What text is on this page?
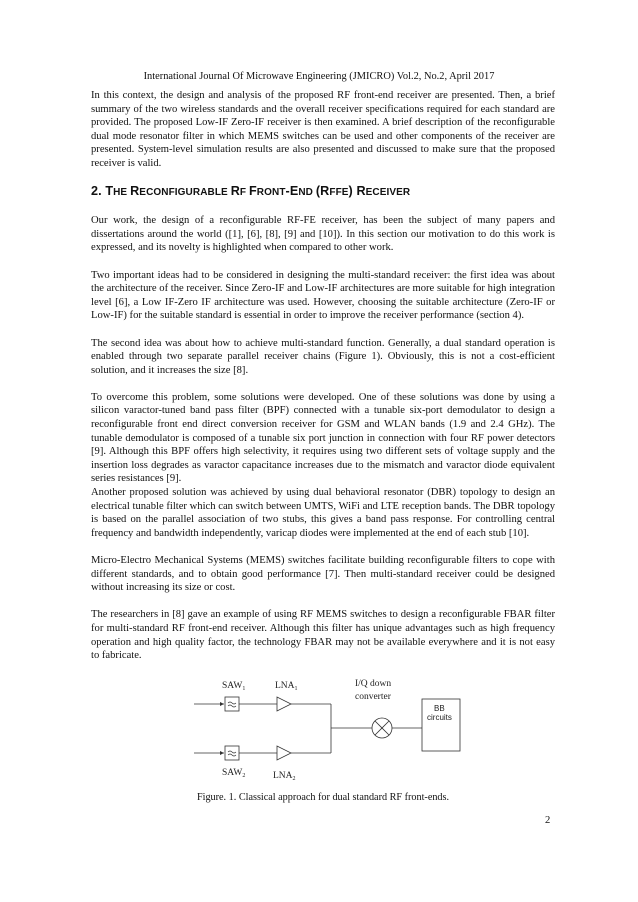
International Journal Of Microwave Engineering (JMICRO) Vol.2, No.2, April 2017

In this context, the design and analysis of the proposed RF front-end receiver are presented. Then, a brief summary of the two wireless standards and the overall receiver specifications required for each standard are provided. The proposed Low-IF Zero-IF receiver is then examined. A brief description of the reconfigurable dual mode resonator filter in which MEMS switches can be used and other components of the receiver are presented. System-level simulation results are also presented and discussed to make sure that the proposed receiver is valid.

2. THE RECONFIGURABLE RF FRONT-END (RFFE) RECEIVER

Our work, the design of a reconfigurable RF-FE receiver, has been the subject of many papers and dissertations around the world ([1], [6], [8], [9] and [10]). In this section our motivation to do this work is expressed, and its novelty is highlighted when compared to other work.

Two important ideas had to be considered in designing the multi-standard receiver: the first idea was about the architecture of the receiver. Since Zero-IF and Low-IF architectures are more suitable for high integration level [6], a Low IF-Zero IF architecture was used. However, choosing the suitable architecture (Zero-IF or Low-IF) for the suitable standard is essential in order to improve the receiver performance (section 4).

The second idea was about how to achieve multi-standard function. Generally, a dual standard operation is enabled through two separate parallel receiver chains (Figure 1). Obviously, this is not a cost-efficient solution, and it increases the size [8].

To overcome this problem, some solutions were developed. One of these solutions was done by using a silicon varactor-tuned band pass filter (BPF) connected with a tunable six-port demodulator to design a reconfigurable front end direct conversion receiver for GSM and WLAN bands (1.9 and 2.4 GHz). The tunable demodulator is composed of a tunable six port junction in connection with four RF power detectors [9]. Although this BPF offers high selectivity, it requires using two different sets of voltage supply and the insertion loss degrades as varactor capacitance increases due to the mismatch and varactor diode equivalent series resistances [9].

Another proposed solution was achieved by using dual behavioral resonator (DBR) topology to design an electrical tunable filter which can switch between UMTS, WiFi and LTE reception bands. The DBR topology is based on the parallel association of two stubs, this gives a band pass response. For controlling central frequency and bandwidth independently, varicap diodes were implemented at the end of each stub [10].

Micro-Electro Mechanical Systems (MEMS) switches facilitate building reconfigurable filters to cope with different standards, and to obtain good performance [7]. Then multi-standard receiver could be designed without increasing its size or cost.

The researchers in [8] gave an example of using RF MEMS switches to design a reconfigurable FBAR filter for multi-standard RF front-end receiver. Although this filter has unique advantages such as high frequency operation and high quality factor, the technology FBAR may not be available everywhere and it is not easy to fabricate.

$SAW_1$	$LNA_1$	I/Q down
converter
BB
circuits
$SAW_2$	$LNA_2$
Figure. 1. Classical approach for dual standard RF front-ends.
2
